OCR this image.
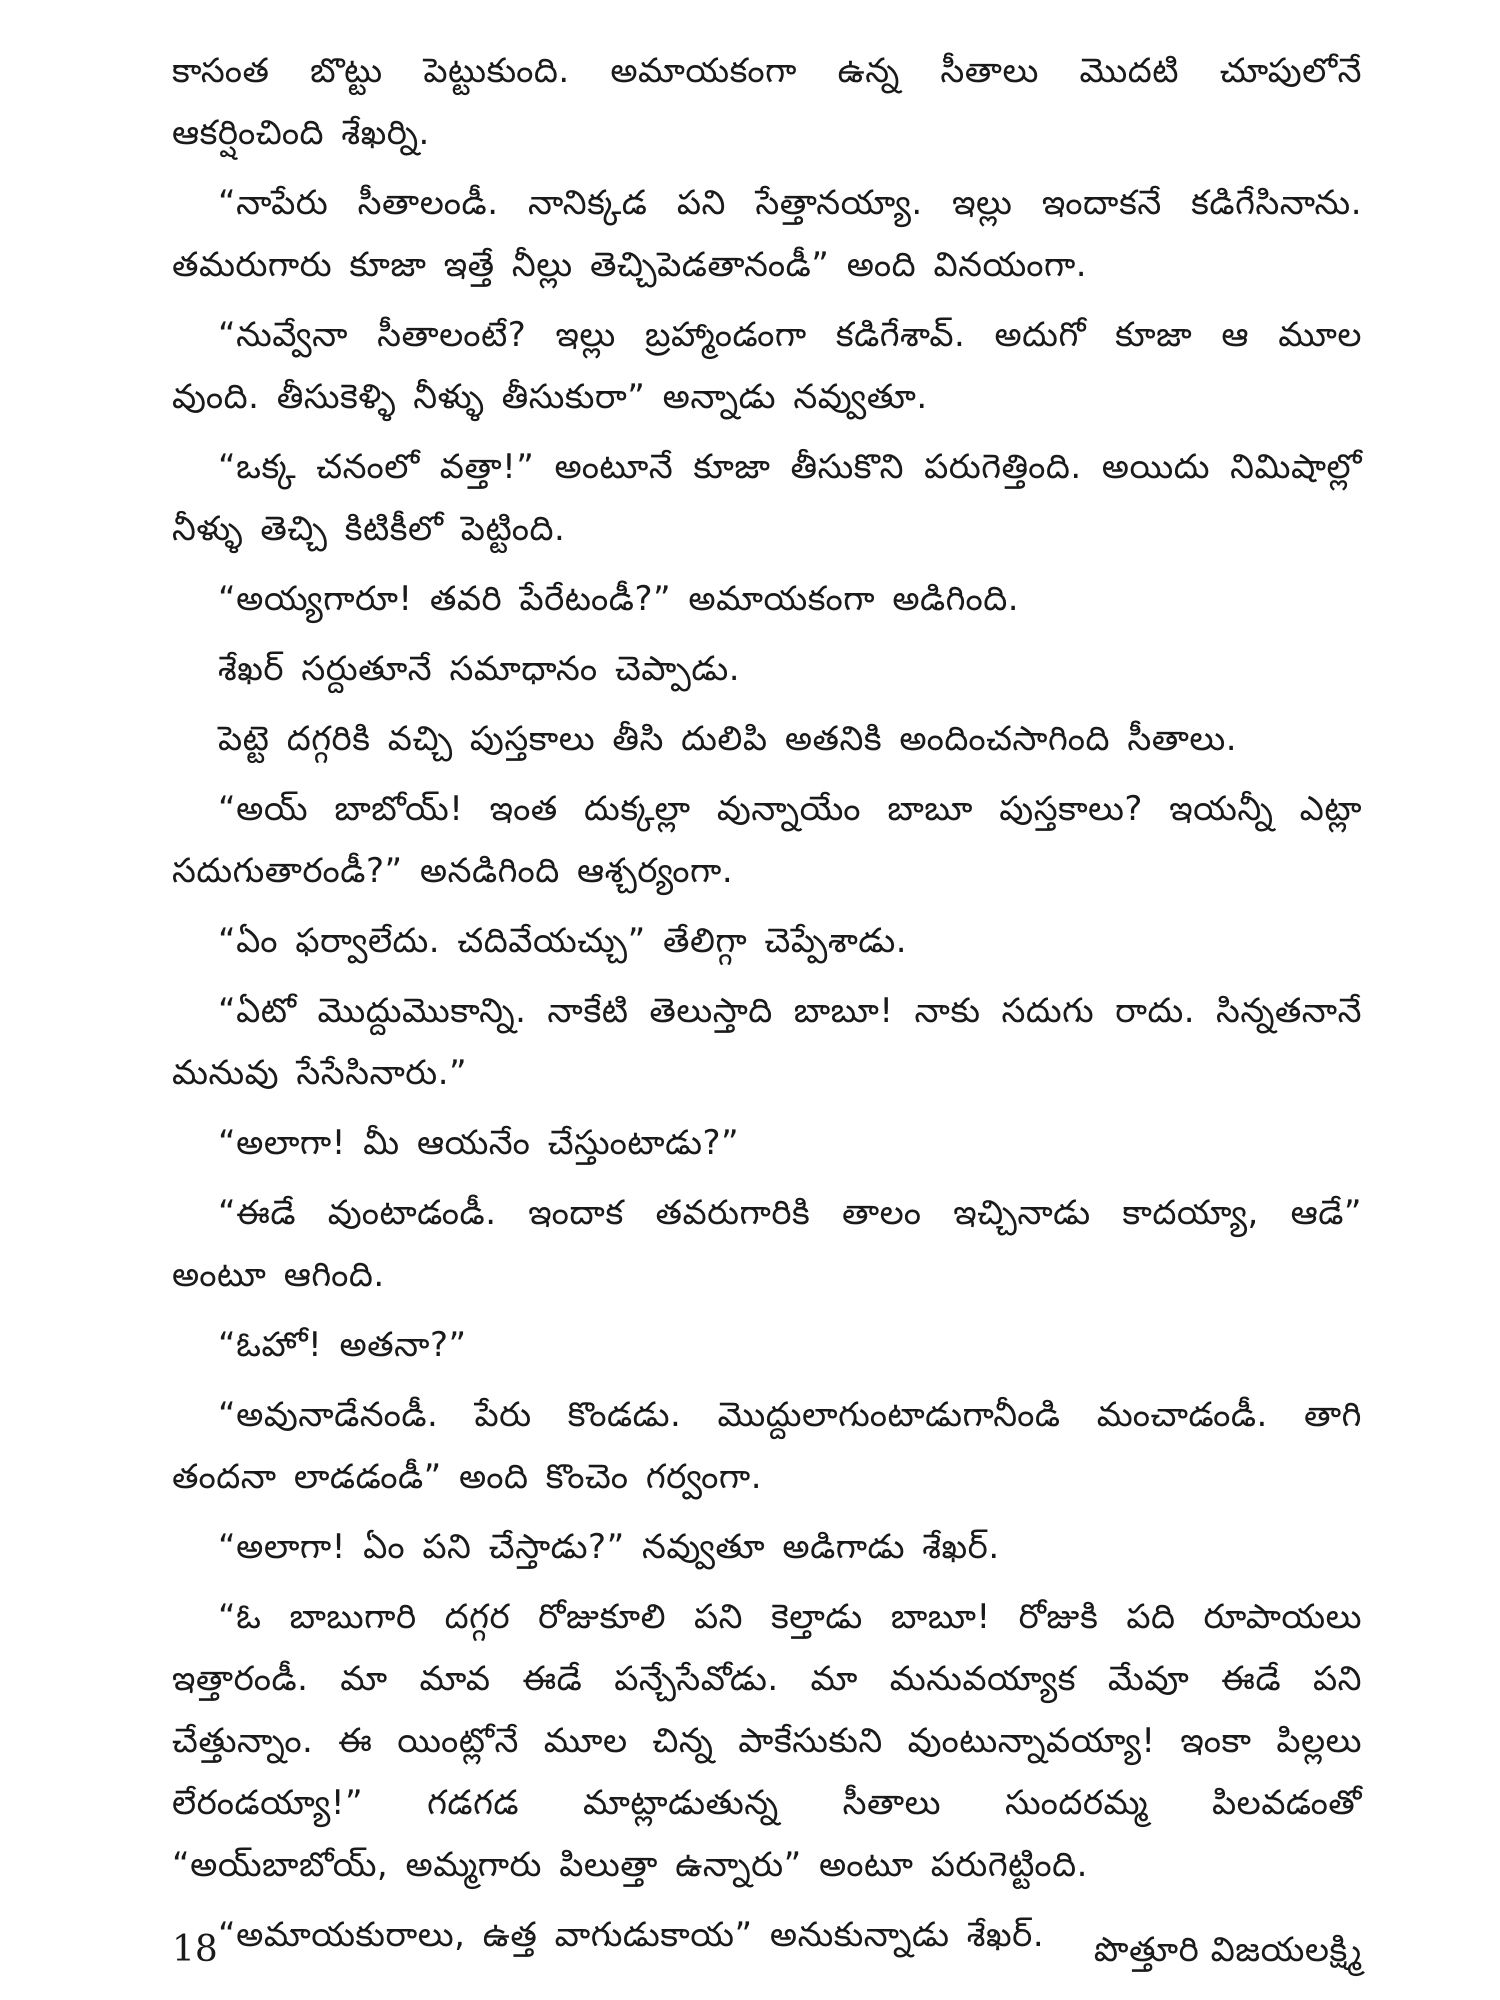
కాసంత బొట్టు పెట్టుకుంది. అమాయకంగా ఉన్న సీతాలు మొదటి చూపులోనే ఆకర్షించింది శేఖర్ని.

“నాపేరు సీతాలండీ. నానిక్కడ పని సేత్తానయ్యా. ఇల్లు ఇందాకనే కడిగేసినాను. తమరుగారు కూజా ఇత్తే నీల్లు తెచ్చిపెడతానండీ” అంది వినయంగా.

“నువ్వేనా సీతాలంటే? ఇల్లు బ్రహ్మాండంగా కడిగేశావ్. అదుగో కూజా ఆ మూల వుంది. తీసుకెళ్ళి నీళ్ళు తీసుకురా” అన్నాడు నవ్వుతూ.

“ఒక్క చనంలో వత్తా!” అంటూనే కూజా తీసుకొని పరుగెత్తింది. అయిదు నిమిషాల్లో నీళ్ళు తెచ్చి కిటికీలో పెట్టింది.

“అయ్యగారూ! తవరి పేరేటండీ?” అమాయకంగా అడిగింది.

శేఖర్ సర్దుతూనే సమాధానం చెప్పాడు.

పెట్టె దగ్గరికి వచ్చి పుస్తకాలు తీసి దులిపి అతనికి అందించసాగింది సీతాలు.

“అయ్ బాబోయ్! ఇంత దుక్కల్లా వున్నాయేం బాబూ పుస్తకాలు? ఇయన్నీ ఎట్లా సదుగుతారండీ?” అనడిగింది ఆశ్చర్యంగా.

“ఏం ఫర్వాలేదు. చదివేయచ్చు” తేలిగ్గా చెప్పేశాడు.

“ఏటో మొద్దుమొకాన్ని. నాకేటి తెలుస్తాది బాబూ! నాకు సదుగు రాదు. సిన్నతనానే మనువు సేసేసినారు.”

“అలాగా! మీ ఆయనేం చేస్తుంటాడు?”

“ఈడే వుంటాడండీ. ఇందాక తవరుగారికి తాలం ఇచ్చినాడు కాదయ్యా, ఆడే” అంటూ ఆగింది.

“ఓహో! అతనా?”

“అవునాడేనండీ. పేరు కొండడు. మొద్దులాగుంటాడుగానీండి మంచాడండీ. తాగి తందనా లాడడండీ” అంది కొంచెం గర్వంగా.

“అలాగా! ఏం పని చేస్తాడు?” నవ్వుతూ అడిగాడు శేఖర్.

“ఓ బాబుగారి దగ్గర రోజుకూలి పని కెల్తాడు బాబూ! రోజుకి పది రూపాయలు ఇత్తారండీ. మా మావ ఈడే పన్చేసేవోడు. మా మనువయ్యాక మేవూ ఈడే పని చేత్తున్నాం. ఈ యింట్లోనే మూల చిన్న పాకేసుకుని వుంటున్నావయ్యా! ఇంకా పిల్లలు లేరండయ్యా!” గడగడ మాట్లాడుతున్న సీతాలు సుందరమ్మ పిలవడంతో “అయ్‌బాబోయ్, అమ్మగారు పిలుత్తా ఉన్నారు” అంటూ పరుగెట్టింది.

“అమాయకురాలు, ఉత్త వాగుడుకాయ” అనుకున్నాడు శేఖర్.

18	పొత్తూరి విజయలక్ష్మి
